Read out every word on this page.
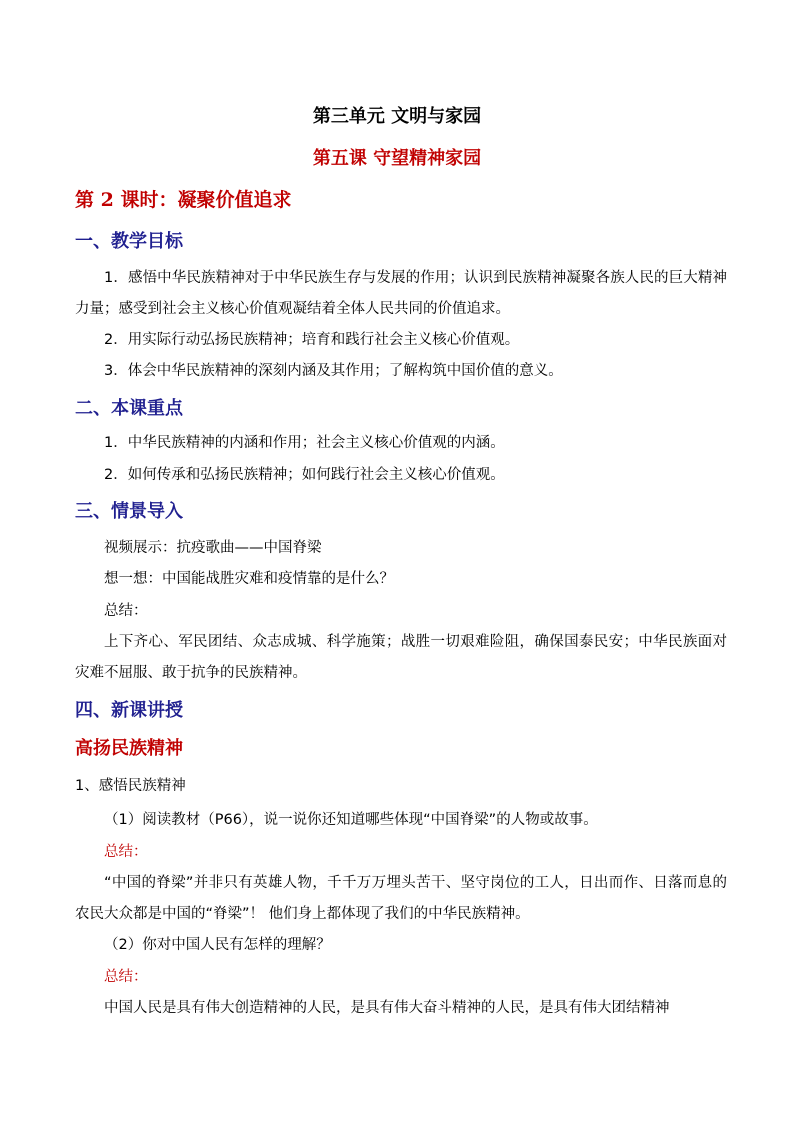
第三单元 文明与家园
第五课 守望精神家园
第 2 课时：凝聚价值追求
一、教学目标
1．感悟中华民族精神对于中华民族生存与发展的作用；认识到民族精神凝聚各族人民的巨大精神力量；感受到社会主义核心价值观凝结着全体人民共同的价值追求。
2．用实际行动弘扬民族精神；培育和践行社会主义核心价值观。
3．体会中华民族精神的深刻内涵及其作用；了解构筑中国价值的意义。
二、本课重点
1．中华民族精神的内涵和作用；社会主义核心价值观的内涵。
2．如何传承和弘扬民族精神；如何践行社会主义核心价值观。
三、情景导入
视频展示：抗疫歌曲——中国脊梁
想一想：中国能战胜灾难和疫情靠的是什么？
总结：
上下齐心、军民团结、众志成城、科学施策；战胜一切艰难险阻，确保国泰民安；中华民族面对灾难不屈服、敢于抗争的民族精神。
四、新课讲授
高扬民族精神
1、感悟民族精神
（1）阅读教材（P66），说一说你还知道哪些体现“中国脊梁”的人物或故事。
总结：
“中国的脊梁”并非只有英雄人物，千千万万埋头苦干、坚守岗位的工人，日出而作、日落而息的农民大众都是中国的“脊梁”！ 他们身上都体现了我们的中华民族精神。
（2）你对中国人民有怎样的理解？
总结：
中国人民是具有伟大创造精神的人民，是具有伟大奋斗精神的人民，是具有伟大团结精神
